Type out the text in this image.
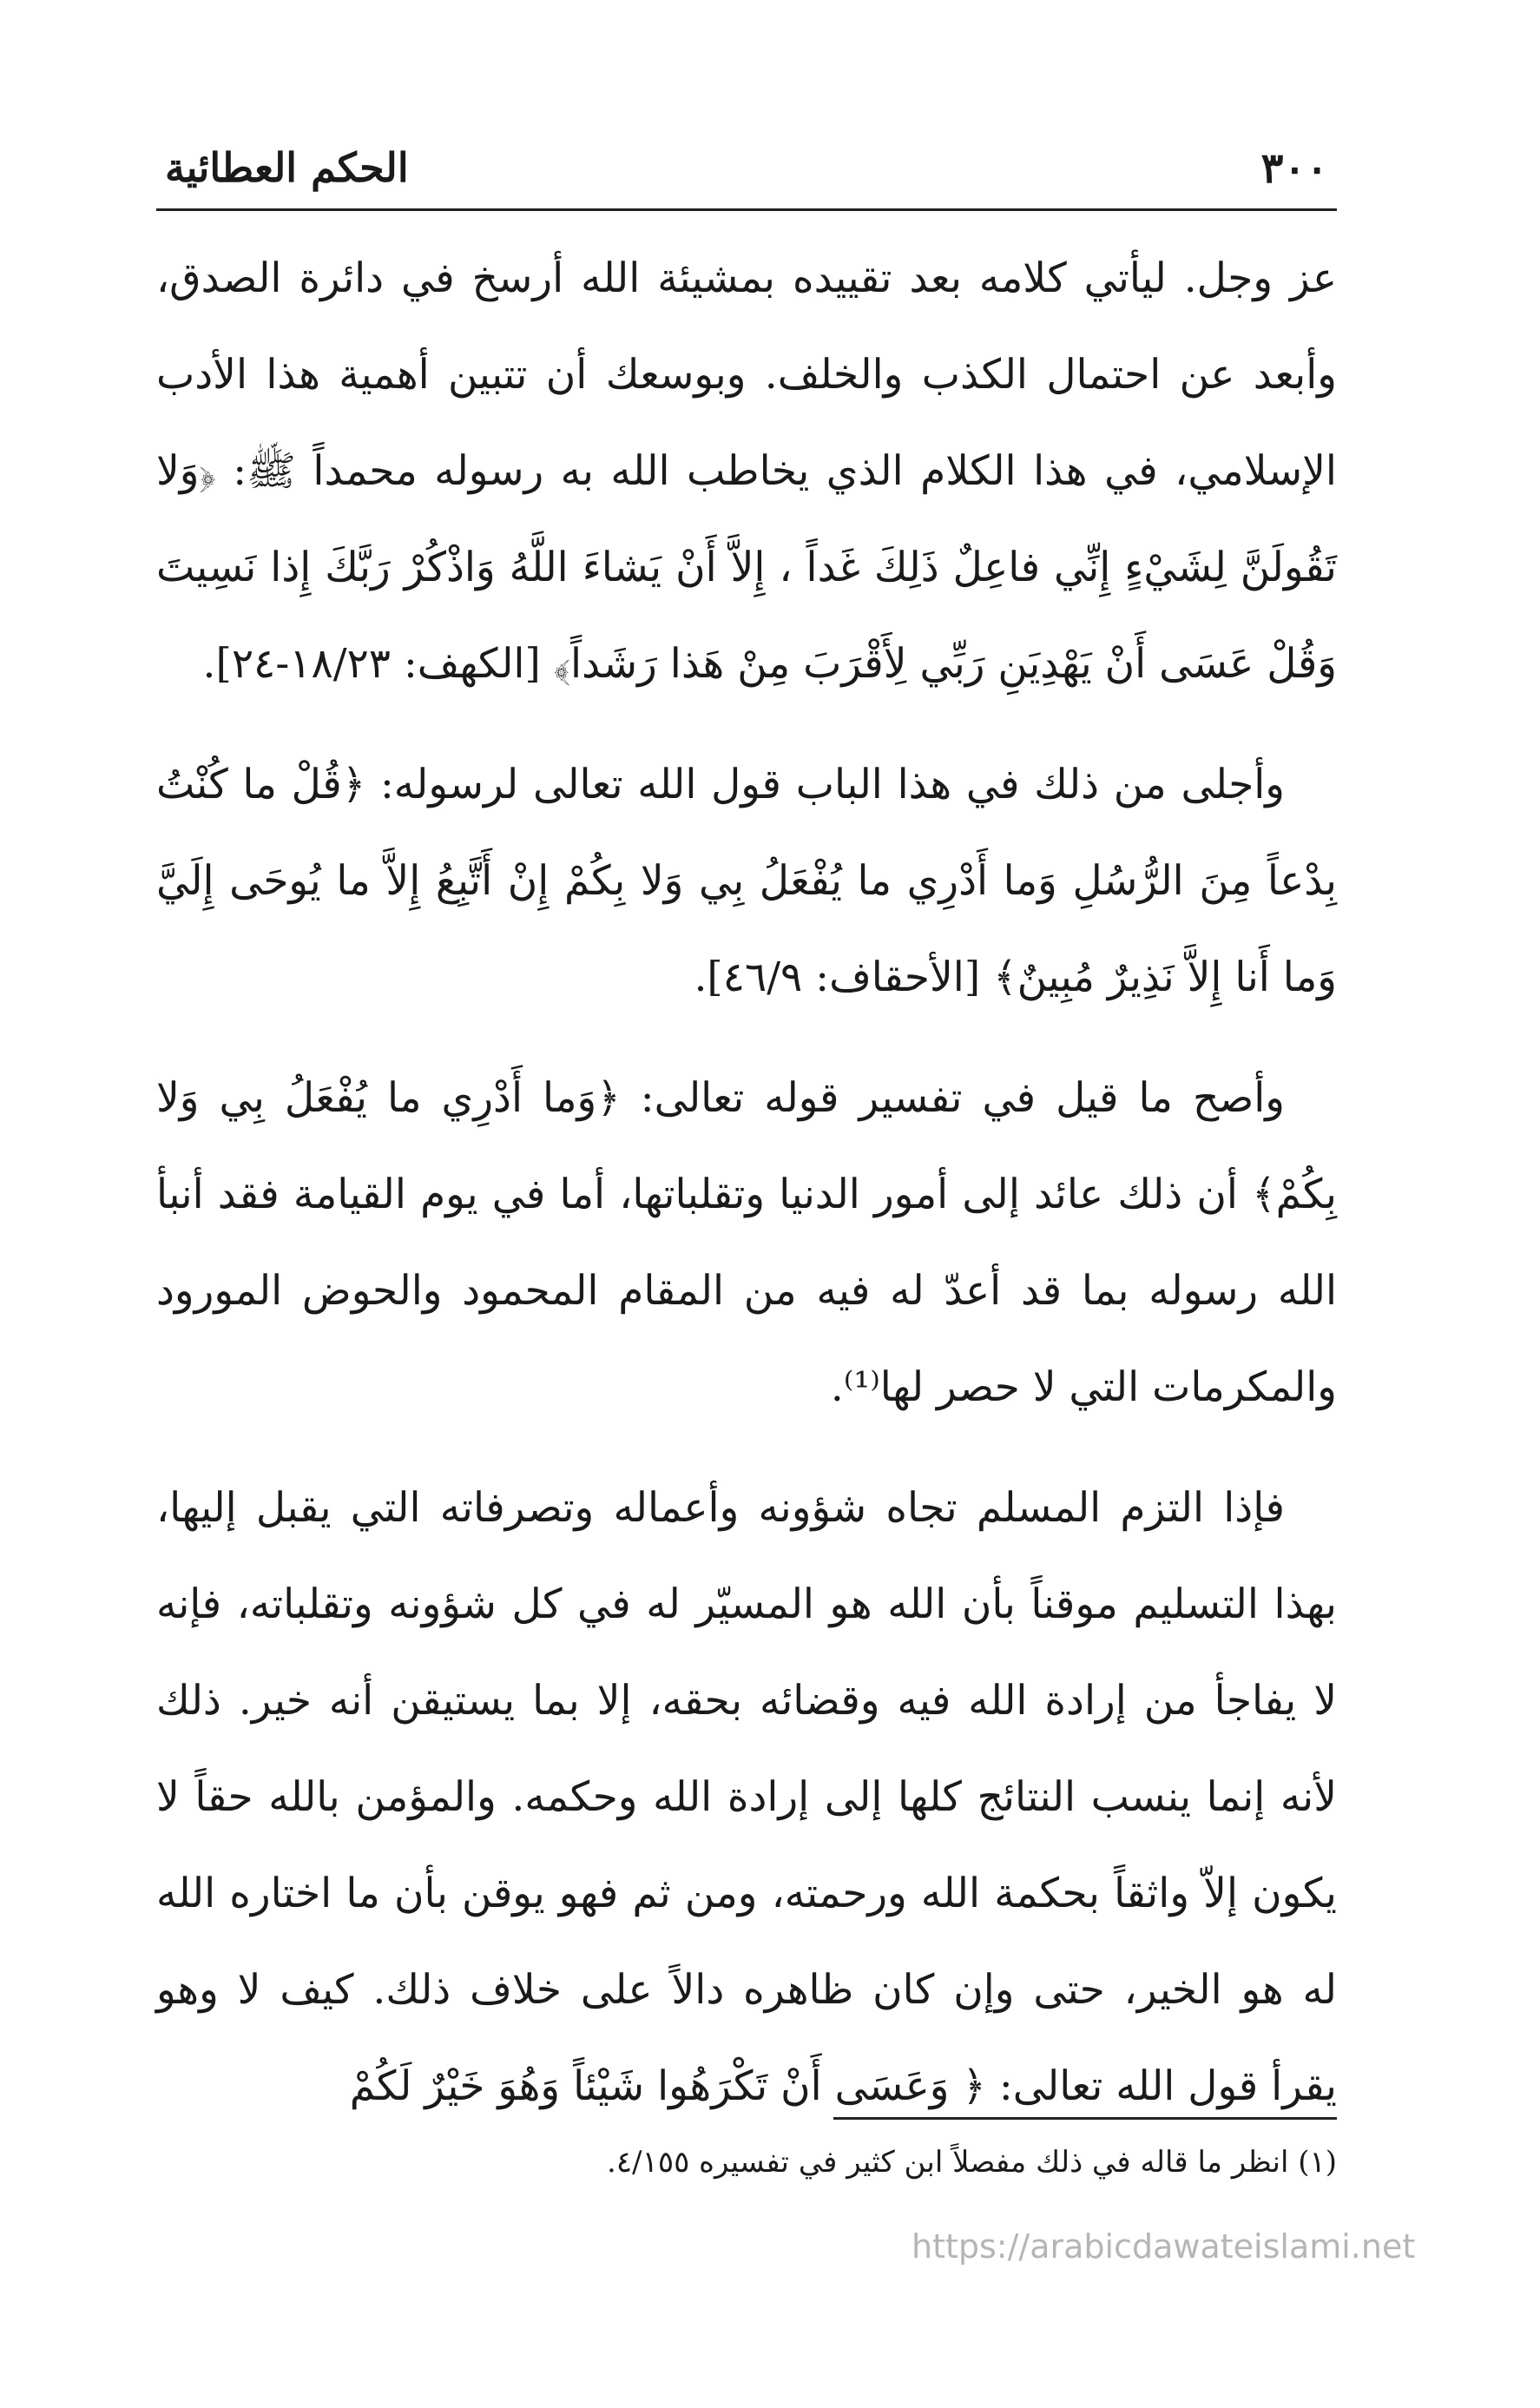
٣٠٠
الحكم العطائية

عز وجل. ليأتي كلامه بعد تقييده بمشيئة الله أرسخ في دائرة الصدق، وأبعد عن احتمال الكذب والخلف. وبوسعك أن تتبين أهمية هذا الأدب الإسلامي، في هذا الكلام الذي يخاطب الله به رسوله محمداً ﷺ: ﴿وَلا تَقُولَنَّ لِشَيْءٍ إِنِّي فاعِلٌ ذَلِكَ غَداً ، إِلاَّ أَنْ يَشاءَ اللَّهُ وَاذْكُرْ رَبَّكَ إِذا نَسِيتَ وَقُلْ عَسَى أَنْ يَهْدِيَنِ رَبِّي لِأَقْرَبَ مِنْ هَذا رَشَداً﴾ [الكهف: ١٨/٢٣-٢٤].

وأجلى من ذلك في هذا الباب قول الله تعالى لرسوله: ﴿قُلْ ما كُنْتُ بِدْعاً مِنَ الرُّسُلِ وَما أَدْرِي ما يُفْعَلُ بِي وَلا بِكُمْ إِنْ أَتَّبِعُ إِلاَّ ما يُوحَى إِلَيَّ وَما أَنا إِلاَّ نَذِيرٌ مُبِينٌ﴾ [الأحقاف: ٤٦/٩].

وأصح ما قيل في تفسير قوله تعالى: ﴿وَما أَدْرِي ما يُفْعَلُ بِي وَلا بِكُمْ﴾ أن ذلك عائد إلى أمور الدنيا وتقلباتها، أما في يوم القيامة فقد أنبأ الله رسوله بما قد أعدّ له فيه من المقام المحمود والحوض المورود والمكرمات التي لا حصر لها⁽¹⁾.

فإذا التزم المسلم تجاه شؤونه وأعماله وتصرفاته التي يقبل إليها، بهذا التسليم موقناً بأن الله هو المسيّر له في كل شؤونه وتقلباته، فإنه لا يفاجأ من إرادة الله فيه وقضائه بحقه، إلا بما يستيقن أنه خير. ذلك لأنه إنما ينسب النتائج كلها إلى إرادة الله وحكمه. والمؤمن بالله حقاً لا يكون إلاّ واثقاً بحكمة الله ورحمته، ومن ثم فهو يوقن بأن ما اختاره الله له هو الخير، حتى وإن كان ظاهره دالاً على خلاف ذلك. كيف لا وهو يقرأ قول الله تعالى: ﴿ وَعَسَى أَنْ تَكْرَهُوا شَيْئاً وَهُوَ خَيْرٌ لَكُمْ

(١) انظر ما قاله في ذلك مفصلاً ابن كثير في تفسيره ٤/١٥٥.
https://arabicdawateislami.net
